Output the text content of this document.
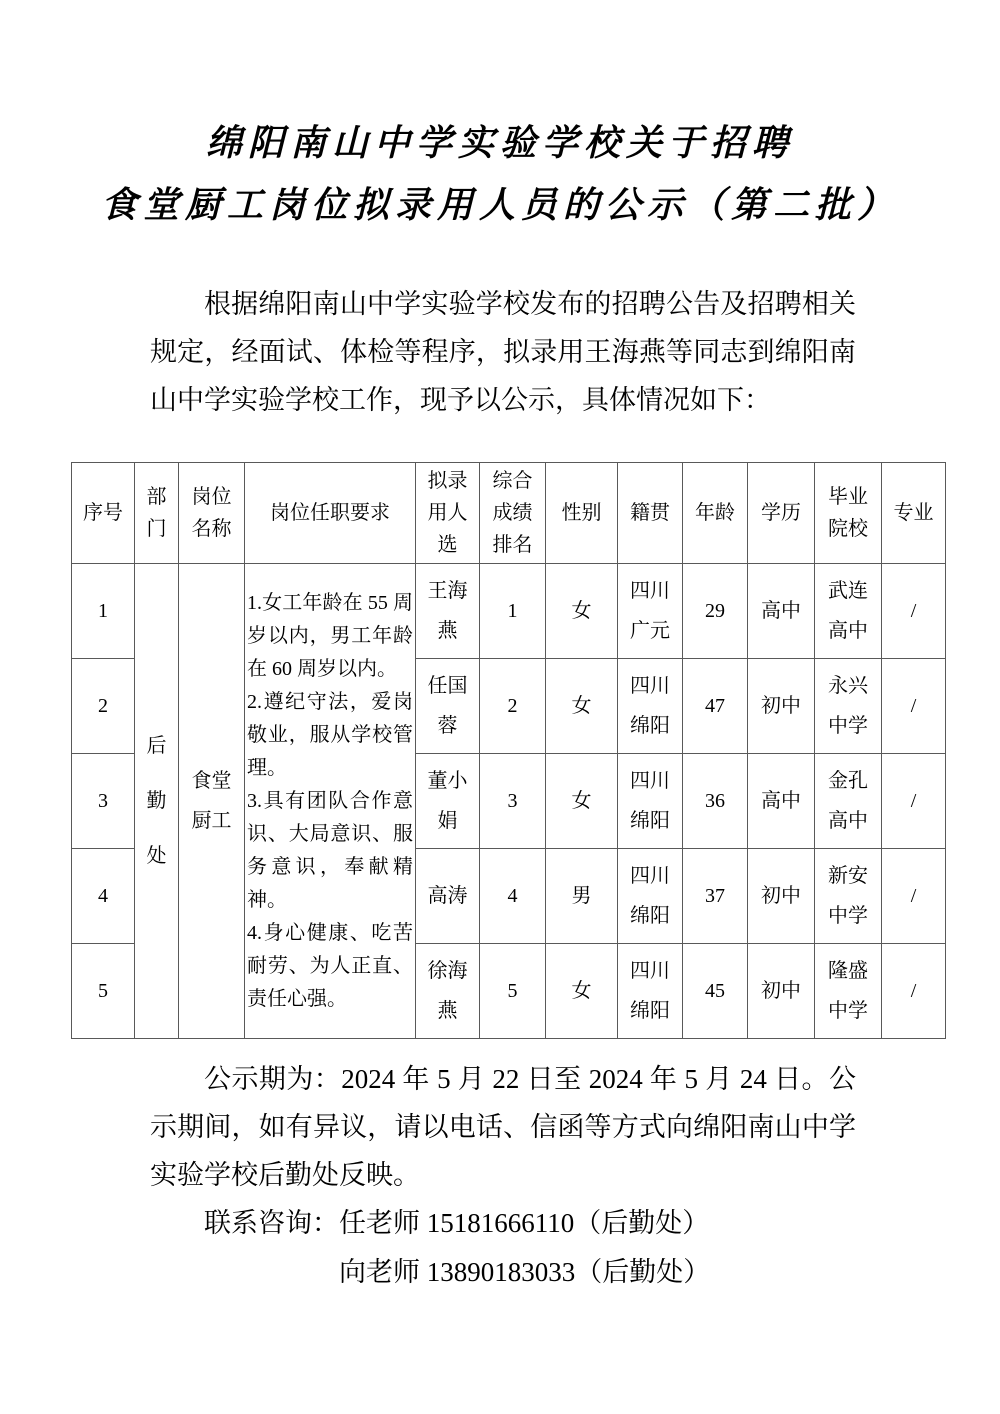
绵阳南山中学实验学校关于招聘
食堂厨工岗位拟录用人员的公示（第二批）

根据绵阳南山中学实验学校发布的招聘公告及招聘相关规定，经面试、体检等程序，拟录用王海燕等同志到绵阳南山中学实验学校工作，现予以公示，具体情况如下：

序号	部门	岗位名称	岗位任职要求	拟录用人选	综合成绩排名	性别	籍贯	年龄	学历	毕业院校	专业

1	后勤处	食堂厨工	1.女工年龄在 55 周岁以内，男工年龄在 60 周岁以内。
2.遵纪守法，爱岗敬业，服从学校管理。
3.具有团队合作意识、大局意识、服务意识，奉献精神。
4.身心健康、吃苦耐劳、为人正直、责任心强。	王海燕	1	女	四川广元	29	高中	武连高中	/

2				任国蓉	2	女	四川绵阳	47	初中	永兴中学	/

3				董小娟	3	女	四川绵阳	36	高中	金孔高中	/

4				高涛	4	男	四川绵阳	37	初中	新安中学	/

5				徐海燕	5	女	四川绵阳	45	初中	隆盛中学	/

公示期为：2024 年 5 月 22 日至 2024 年 5 月 24 日。公示期间，如有异议，请以电话、信函等方式向绵阳南山中学实验学校后勤处反映。

联系咨询：任老师 15181666110（后勤处）
向老师 13890183033（后勤处）
